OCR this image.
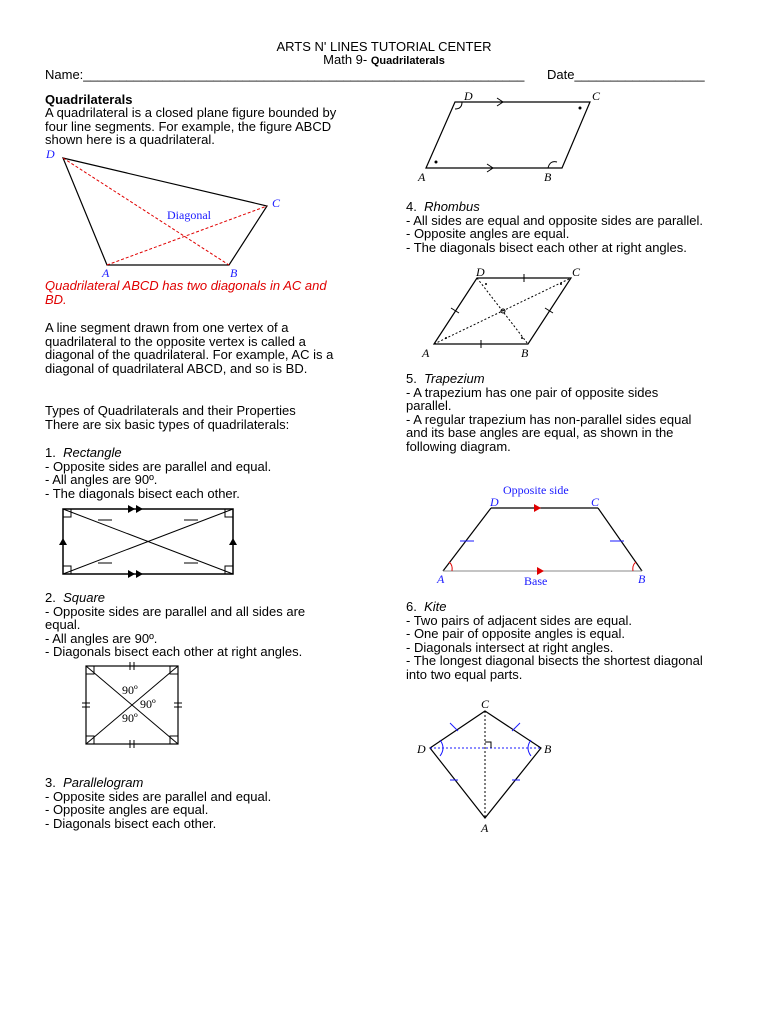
ARTS N' LINES TUTORIAL CENTER
Math 9- Quadrilaterals
Name:_____________________________________________________________ Date__________________
Quadrilaterals
A quadrilateral is a closed plane figure bounded by
four line segments. For example, the figure ABCD
shown here is a quadrilateral.
D
C
A	B
Diagonal
Quadrilateral ABCD has two diagonals in AC and
BD.
A line segment drawn from one vertex of a
quadrilateral to the opposite vertex is called a
diagonal of the quadrilateral. For example, AC is a
diagonal of quadrilateral ABCD, and so is BD.
Types of Quadrilaterals and their Properties
There are six basic types of quadrilaterals:
1. Rectangle
- Opposite sides are parallel and equal.
- All angles are 90º.
- The diagonals bisect each other.
2. Square
- Opposite sides are parallel and all sides are
equal.
- All angles are 90º.
- Diagonals bisect each other at right angles.
90º
90º
90º
3. Parallelogram
- Opposite sides are parallel and equal.
- Opposite angles are equal.
- Diagonals bisect each other.
D	C
A	B
4. Rhombus
- All sides are equal and opposite sides are parallel.
- Opposite angles are equal.
- The diagonals bisect each other at right angles.
D	C
A	B
5. Trapezium
- A trapezium has one pair of opposite sides
parallel.
- A regular trapezium has non-parallel sides equal
and its base angles are equal, as shown in the
following diagram.
Opposite side
Base
D	C
A	B
6. Kite
- Two pairs of adjacent sides are equal.
- One pair of opposite angles is equal.
- Diagonals intersect at right angles.
- The longest diagonal bisects the shortest diagonal
into two equal parts.
C
D	B
A
